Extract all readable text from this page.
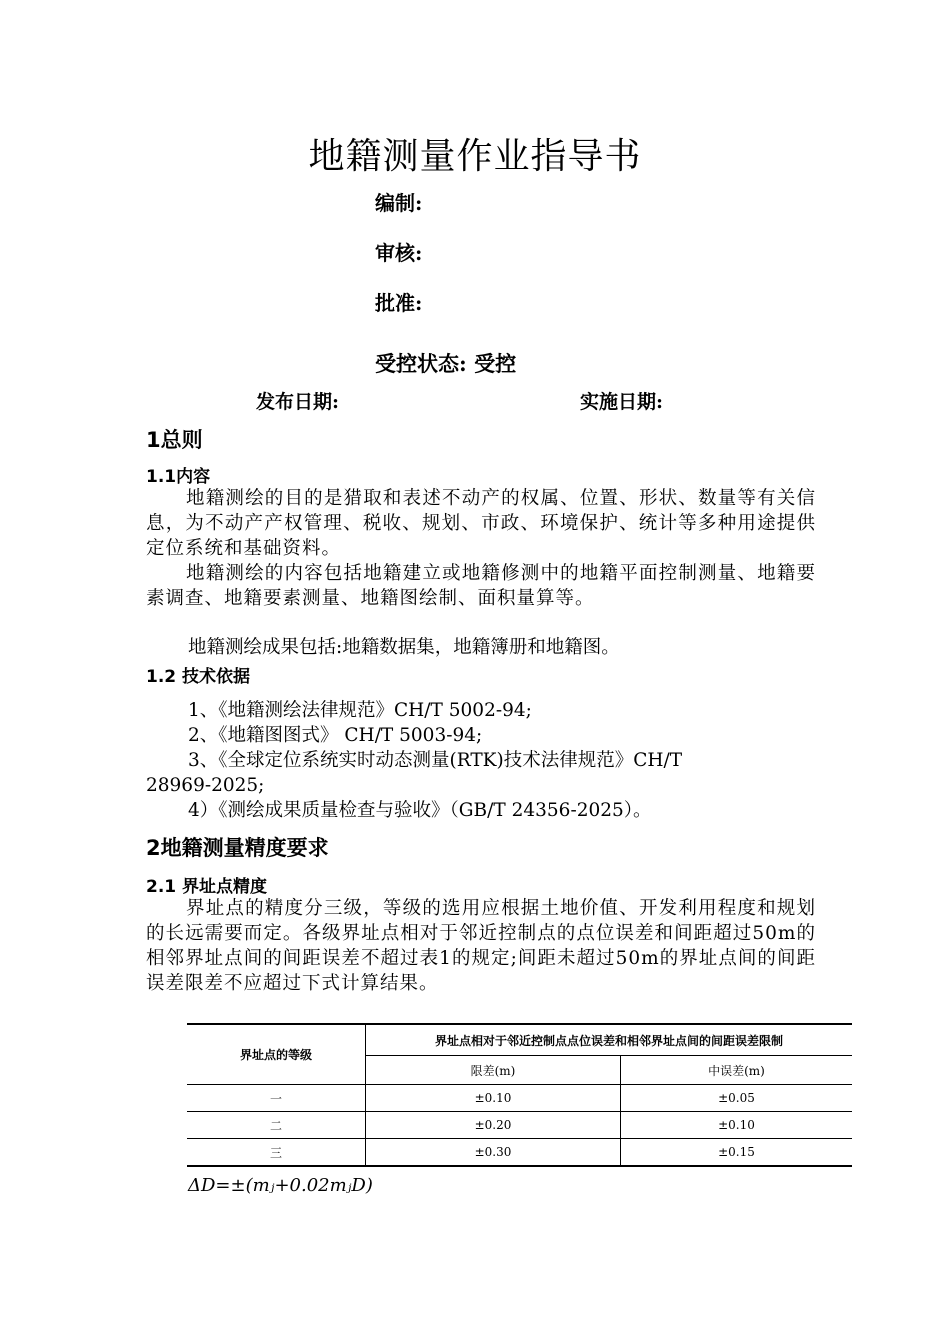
地籍测量作业指导书
编制:
审核:
批准:
受控状态: 受控
发布日期:	实施日期:
1总则
1.1内容

地籍测绘的目的是猎取和表述不动产的权属、位置、形状、数量等有关信息，为不动产产权管理、税收、规划、市政、环境保护、统计等多种用途提供定位系统和基础资料。

地籍测绘的内容包括地籍建立或地籍修测中的地籍平面控制测量、地籍要素调查、地籍要素测量、地籍图绘制、面积量算等。

地籍测绘成果包括:地籍数据集，地籍簿册和地籍图。
1.2 技术依据
1、《地籍测绘法律规范》CH/T 5002-94;
2、《地籍图图式》 CH/T 5003-94;
3、《全球定位系统实时动态测量(RTK)技术法律规范》CH/T
28969-2025;
4）《测绘成果质量检查与验收》（GB/T 24356-2025）。
2地籍测量精度要求
2.1 界址点精度

界址点的精度分三级，等级的选用应根据土地价值、开发利用程度和规划的长远需要而定。各级界址点相对于邻近控制点的点位误差和间距超过50m的相邻界址点间的间距误差不超过表1的规定;间距未超过50m的界址点间的间距误差限差不应超过下式计算结果。

界址点的等级	界址点相对于邻近控制点点位误差和相邻界址点间的间距误差限制	
	限差(m)	中误差(m)
一	±0.10	±0.05
二	±0.20	±0.10
三	±0.30	±0.15
ΔD=±(mⱼ+0.02mⱼD)
